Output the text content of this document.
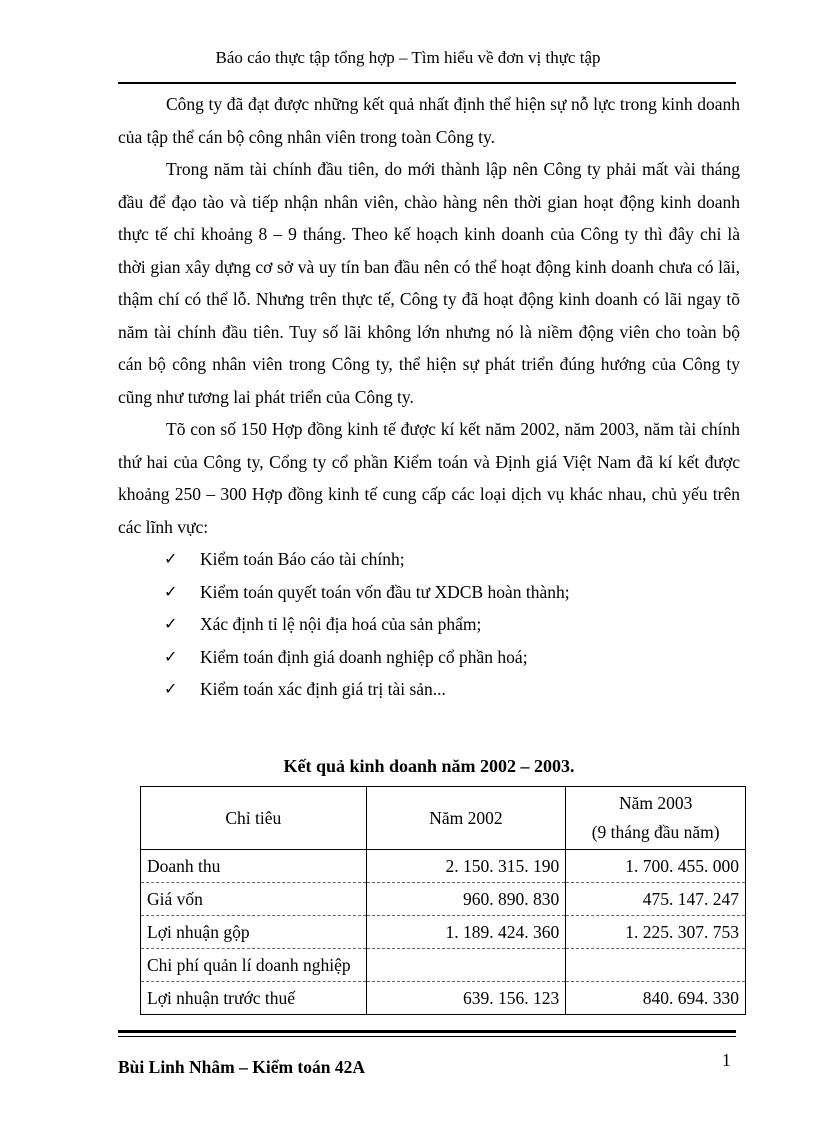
Báo cáo thực tập tổng hợp – Tìm hiểu về đơn vị thực tập

Công ty đã đạt được những kết quả nhất định thể hiện sự nỗ lực trong kinh doanh của tập thể cán bộ công nhân viên trong toàn Công ty.

Trong năm tài chính đầu tiên, do mới thành lập nên Công ty phải mất vài tháng đầu để đạo tào và tiếp nhận nhân viên, chào hàng nên thời gian hoạt động kinh doanh thực tế chỉ khoảng 8 – 9 tháng. Theo kế hoạch kinh doanh của Công ty thì đây chỉ là thời gian xây dựng cơ sở và uy tín ban đầu nên có thể hoạt động kinh doanh chưa có lãi, thậm chí có thể lỗ. Nhưng trên thực tế, Công ty đã hoạt động kinh doanh có lãi ngay tõ năm tài chính đầu tiên. Tuy số lãi không lớn nhưng nó là niềm động viên cho toàn bộ cán bộ công nhân viên trong Công ty, thể hiện sự phát triển đúng hướng của Công ty cũng như tương lai phát triển của Công ty.

Tõ con số 150 Hợp đồng kinh tế được kí kết năm 2002, năm 2003, năm tài chính thứ hai của Công ty, Cổng ty cổ phần Kiểm toán và Định giá Việt Nam đã kí kết được khoảng 250 – 300 Hợp đồng kinh tế cung cấp các loại dịch vụ khác nhau, chủ yếu trên các lĩnh vực:

✓ Kiểm toán Báo cáo tài chính;
✓ Kiểm toán quyết toán vốn đầu tư XDCB hoàn thành;
✓ Xác định tỉ lệ nội địa hoá của sản phẩm;
✓ Kiểm toán định giá doanh nghiệp cổ phần hoá;
✓ Kiểm toán xác định giá trị tài sản...
Kết quả kinh doanh năm 2002 – 2003.
Chỉ tiêu	Năm 2002	Năm 2003
(9 tháng đầu năm)

Doanh thu	2. 150. 315. 190	1. 700. 455. 000
Giá vốn	960. 890. 830	475. 147. 247
Lợi nhuận gộp	1. 189. 424. 360	1. 225. 307. 753
Chi phí quản lí doanh nghiệp		
Lợi nhuận trước thuế	639. 156. 123	840. 694. 330
Bùi Linh Nhâm – Kiểm toán 42A	1
